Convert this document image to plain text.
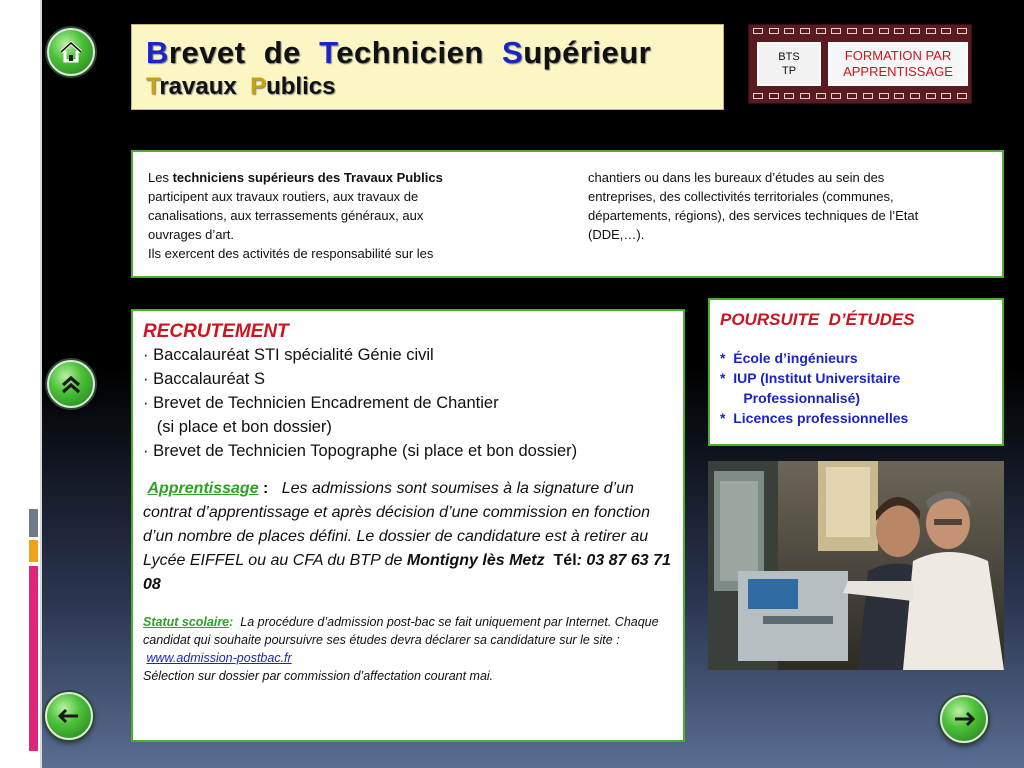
Brevet  de  Technicien  Supérieur
Travaux  Publics
BTS
TP
FORMATION PAR
APPRENTISSAGE
Les techniciens supérieurs des Travaux Publics
participent aux travaux routiers, aux travaux de
canalisations, aux terrassements généraux, aux
ouvrages d’art.
Ils exercent des activités de responsabilité sur les
chantiers ou dans les bureaux d’études au sein des
entreprises, des collectivités territoriales (communes,
départements, régions), des services techniques de l’Etat
(DDE,…).
RECRUTEMENT
· Baccalauréat STI spécialité Génie civil
· Baccalauréat S
· Brevet de Technicien Encadrement de Chantier
(si place et bon dossier)
· Brevet de Technicien Topographe (si place et bon dossier)
Apprentissage : Les admissions sont soumises à la signature d’un contrat d’apprentissage et après décision d’une commission en fonction d’un nombre de places défini. Le dossier de candidature est à retirer au Lycée EIFFEL ou au CFA du BTP de Montigny lès Metz Tél: 03 87 63 71 08
Statut scolaire: La procédure d’admission post-bac se fait uniquement par Internet. Chaque candidat qui souhaite poursuivre ses études devra déclarer sa candidature sur le site :
www.admission-postbac.fr
Sélection sur dossier par commission d’affectation courant mai.
POURSUITE  D’ÉTUDES
*  École d’ingénieurs
*  IUP (Institut Universitaire
Professionnalisé)
*  Licences professionnelles
